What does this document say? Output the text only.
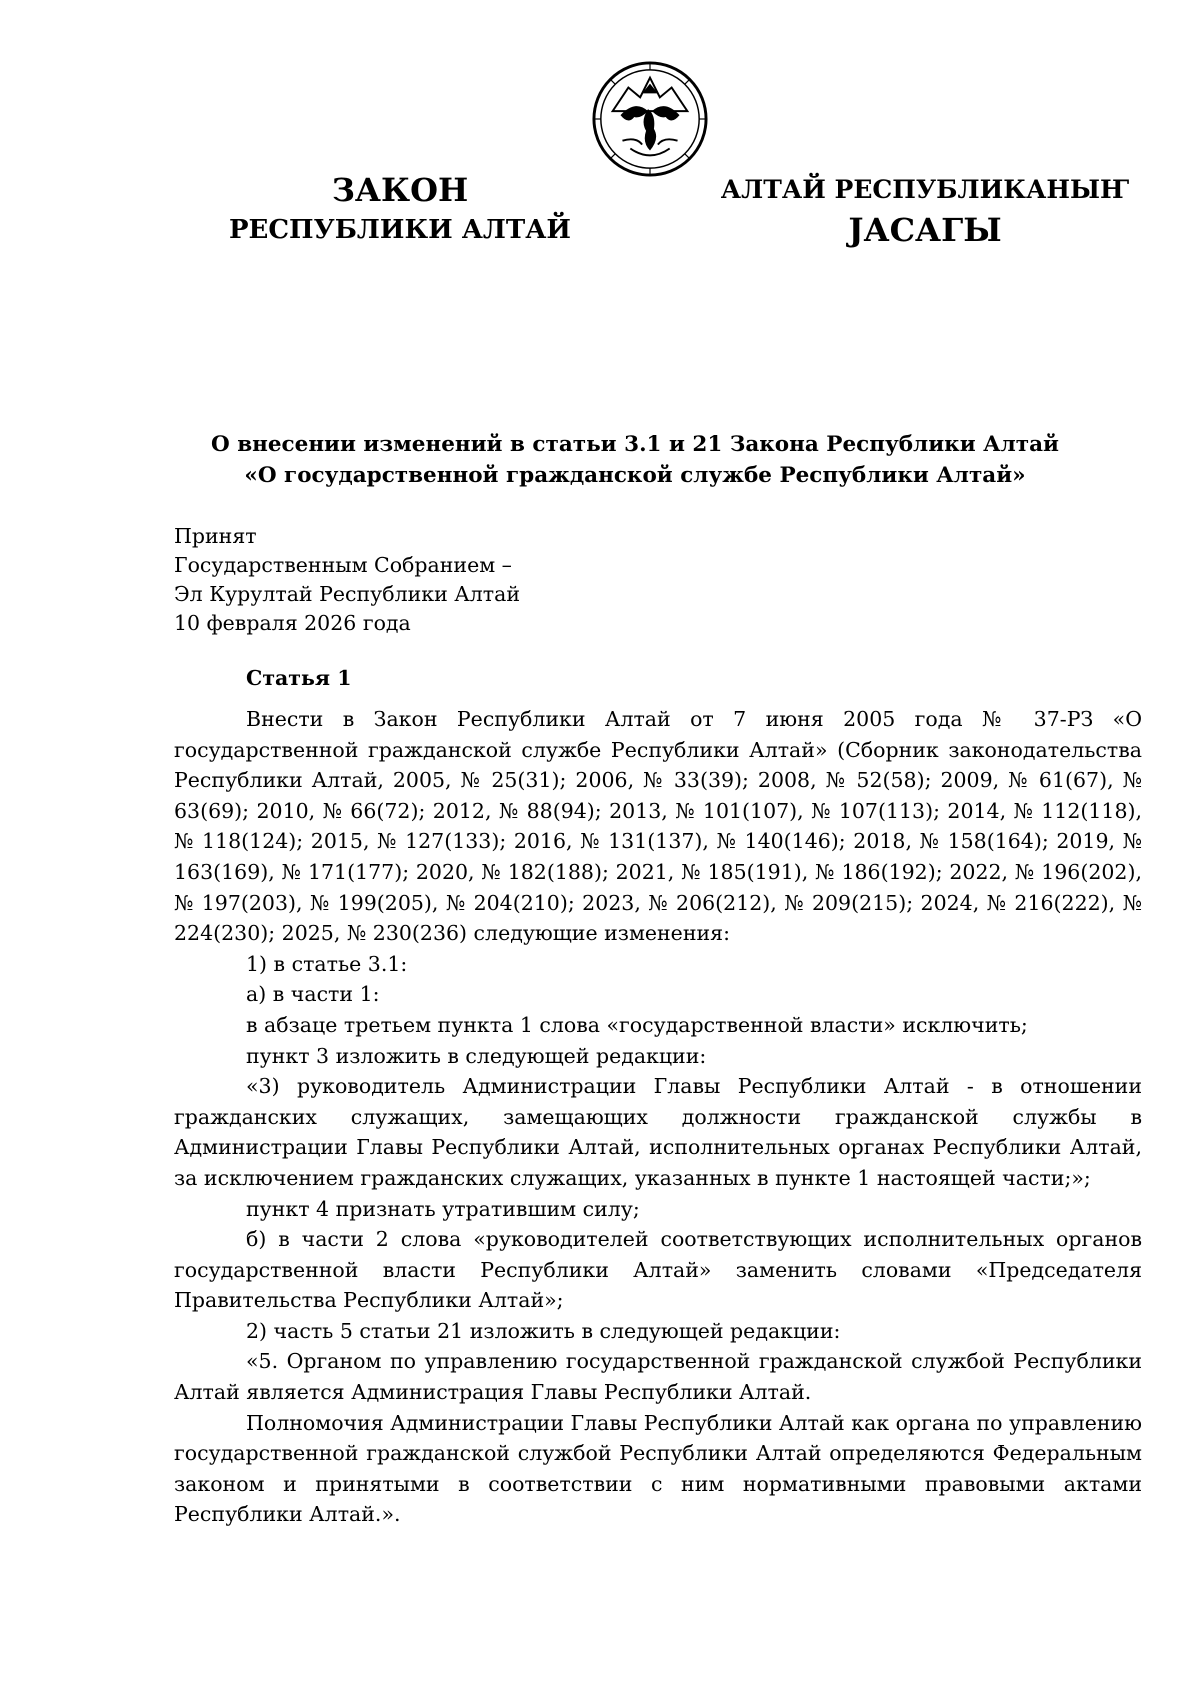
ЗАКОН
РЕСПУБЛИКИ АЛТАЙ
АЛТАЙ РЕСПУБЛИКАНЫҤ
ЈАСАГЫ
О внесении изменений в статьи 3.1 и 21 Закона Республики Алтай
«О государственной гражданской службе Республики Алтай»
Принят
Государственным Собранием –
Эл Курултай Республики Алтай
10 февраля 2026 года
Статья 1

Внести в Закон Республики Алтай от 7 июня 2005 года № 37-РЗ «О государственной гражданской службе Республики Алтай» (Сборник законодательства Республики Алтай, 2005, № 25(31); 2006, № 33(39); 2008, № 52(58); 2009, № 61(67), № 63(69); 2010, № 66(72); 2012, № 88(94); 2013, № 101(107), № 107(113); 2014, № 112(118), № 118(124); 2015, № 127(133); 2016, № 131(137), № 140(146); 2018, № 158(164); 2019, № 163(169), № 171(177); 2020, № 182(188); 2021, № 185(191), № 186(192); 2022, № 196(202), № 197(203), № 199(205), № 204(210); 2023, № 206(212), № 209(215); 2024, № 216(222), № 224(230); 2025, № 230(236) следующие изменения:

1) в статье 3.1:

а) в части 1:

в абзаце третьем пункта 1 слова «государственной власти» исключить;

пункт 3 изложить в следующей редакции:

«3) руководитель Администрации Главы Республики Алтай - в отношении гражданских служащих, замещающих должности гражданской службы в Администрации Главы Республики Алтай, исполнительных органах Республики Алтай, за исключением гражданских служащих, указанных в пункте 1 настоящей части;»;

пункт 4 признать утратившим силу;

б) в части 2 слова «руководителей соответствующих исполнительных органов государственной власти Республики Алтай» заменить словами «Председателя Правительства Республики Алтай»;

2) часть 5 статьи 21 изложить в следующей редакции:

«5. Органом по управлению государственной гражданской службой Республики Алтай является Администрация Главы Республики Алтай.

Полномочия Администрации Главы Республики Алтай как органа по управлению государственной гражданской службой Республики Алтай определяются Федеральным законом и принятыми в соответствии с ним нормативными правовыми актами Республики Алтай.».
